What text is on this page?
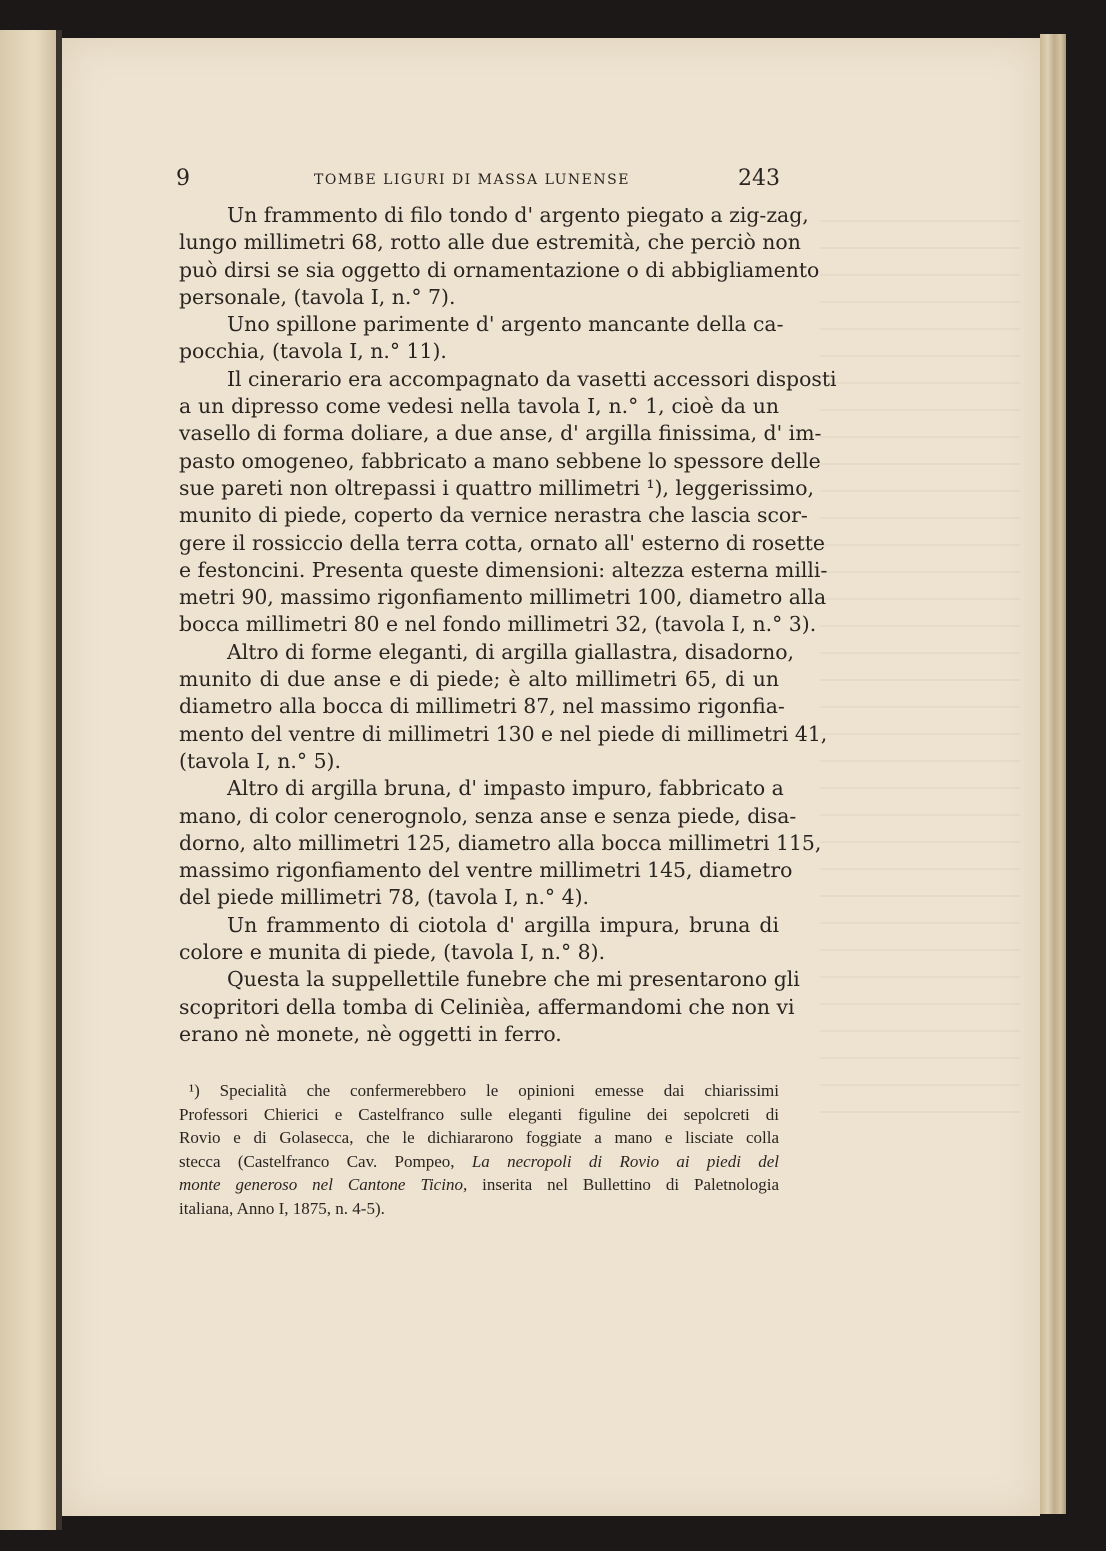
9	TOMBE LIGURI DI MASSA LUNENSE	243
Un frammento di filo tondo d' argento piegato a zig-zag,
lungo millimetri 68, rotto alle due estremità, che perciò non
può dirsi se sia oggetto di ornamentazione o di abbigliamento
personale, (tavola I, n.° 7).
Uno spillone parimente d' argento mancante della ca-
pocchia, (tavola I, n.° 11).
Il cinerario era accompagnato da vasetti accessori disposti
a un dipresso come vedesi nella tavola I, n.° 1, cioè da un
vasello di forma doliare, a due anse, d' argilla finissima, d' im-
pasto omogeneo, fabbricato a mano sebbene lo spessore delle
sue pareti non oltrepassi i quattro millimetri ¹), leggerissimo,
munito di piede, coperto da vernice nerastra che lascia scor-
gere il rossiccio della terra cotta, ornato all' esterno di rosette
e festoncini. Presenta queste dimensioni: altezza esterna milli-
metri 90, massimo rigonfiamento millimetri 100, diametro alla
bocca millimetri 80 e nel fondo millimetri 32, (tavola I, n.° 3).
Altro di forme eleganti, di argilla giallastra, disadorno,
munito di due anse e di piede; è alto millimetri 65, di un
diametro alla bocca di millimetri 87, nel massimo rigonfia-
mento del ventre di millimetri 130 e nel piede di millimetri 41,
(tavola I, n.° 5).
Altro di argilla bruna, d' impasto impuro, fabbricato a
mano, di color cenerognolo, senza anse e senza piede, disa-
dorno, alto millimetri 125, diametro alla bocca millimetri 115,
massimo rigonfiamento del ventre millimetri 145, diametro
del piede millimetri 78, (tavola I, n.° 4).
Un frammento di ciotola d' argilla impura, bruna di
colore e munita di piede, (tavola I, n.° 8).
Questa la suppellettile funebre che mi presentarono gli
scopritori della tomba di Celinièa, affermandomi che non vi
erano nè monete, nè oggetti in ferro.
¹) Specialità che confermerebbero le opinioni emesse dai chiarissimi
Professori Chierici e Castelfranco sulle eleganti figuline dei sepolcreti di
Rovio e di Golasecca, che le dichiararono foggiate a mano e lisciate colla
stecca (Castelfranco Cav. Pompeo, La necropoli di Rovio ai piedi del
monte generoso nel Cantone Ticino, inserita nel Bullettino di Paletnologia
italiana, Anno I, 1875, n. 4-5).
